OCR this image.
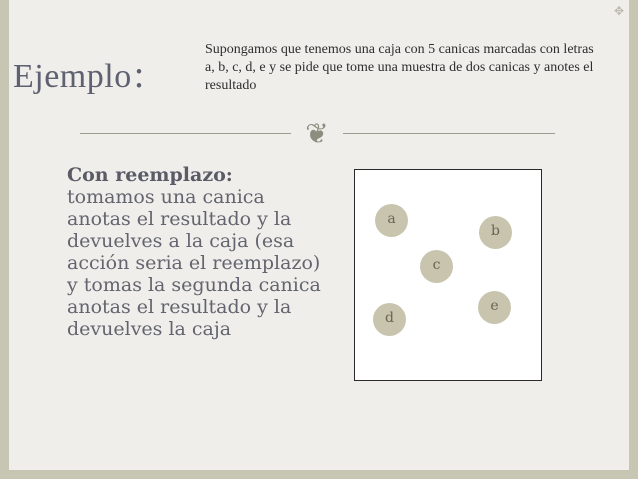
✥
Ejemplo:
Supongamos que tenemos una caja con 5 canicas marcadas con letras a, b, c, d, e y se pide que tome una muestra de dos canicas y anotes el resultado
❦
Con reemplazo:
tomamos una canica anotas el resultado y la devuelves a la caja (esa acción seria el reemplazo) y tomas la segunda canica anotas el resultado y la devuelves la caja
a
b
c
d
e
